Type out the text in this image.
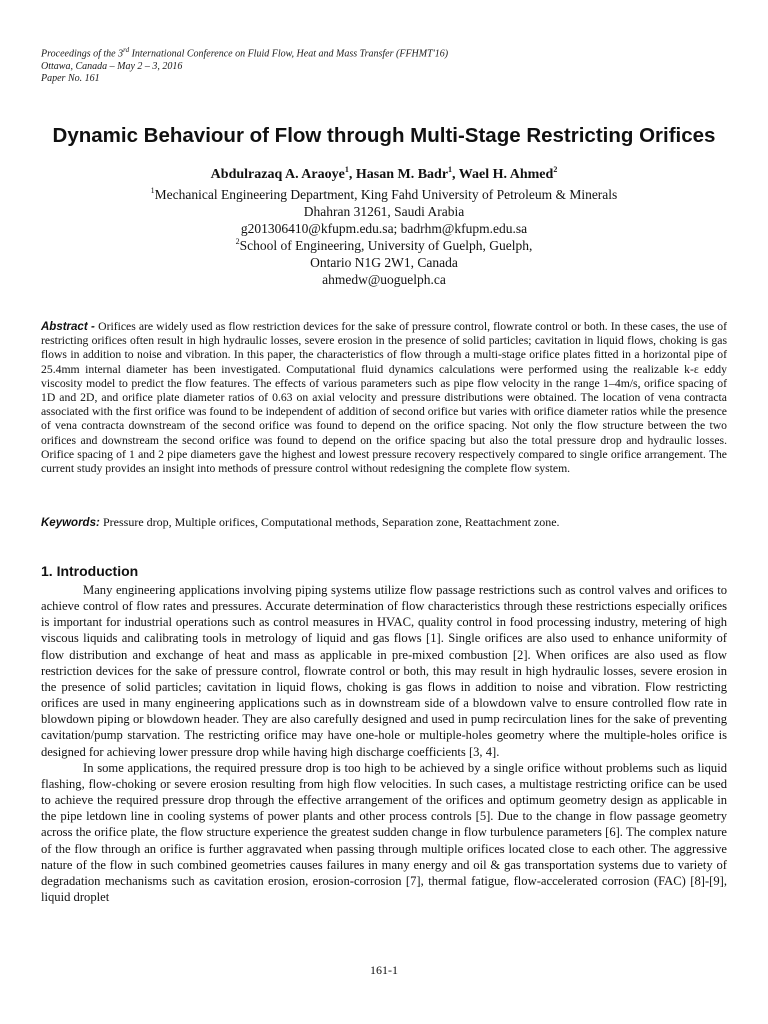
Proceedings of the 3rd International Conference on Fluid Flow, Heat and Mass Transfer (FFHMT'16)
Ottawa, Canada – May 2 – 3, 2016
Paper No. 161
Dynamic Behaviour of Flow through Multi-Stage Restricting Orifices
Abdulrazaq A. Araoye$^1$, Hasan M. Badr$^1$, Wael H. Ahmed$^2$
$^1$Mechanical Engineering Department, King Fahd University of Petroleum & Minerals
Dhahran 31261, Saudi Arabia
g201306410@kfupm.edu.sa; badrhm@kfupm.edu.sa
$^2$School of Engineering, University of Guelph, Guelph,
Ontario N1G 2W1, Canada
ahmedw@uoguelph.ca

Abstract - Orifices are widely used as flow restriction devices for the sake of pressure control, flowrate control or both. In these cases, the use of restricting orifices often result in high hydraulic losses, severe erosion in the presence of solid particles; cavitation in liquid flows, choking is gas flows in addition to noise and vibration. In this paper, the characteristics of flow through a multi-stage orifice plates fitted in a horizontal pipe of 25.4mm internal diameter has been investigated. Computational fluid dynamics calculations were performed using the realizable k-ε eddy viscosity model to predict the flow features. The effects of various parameters such as pipe flow velocity in the range 1–4m/s, orifice spacing of 1D and 2D, and orifice plate diameter ratios of 0.63 on axial velocity and pressure distributions were obtained. The location of vena contracta associated with the first orifice was found to be independent of addition of second orifice but varies with orifice diameter ratios while the presence of vena contracta downstream of the second orifice was found to depend on the orifice spacing. Not only the flow structure between the two orifices and downstream the second orifice was found to depend on the orifice spacing but also the total pressure drop and hydraulic losses. Orifice spacing of 1 and 2 pipe diameters gave the highest and lowest pressure recovery respectively compared to single orifice arrangement. The current study provides an insight into methods of pressure control without redesigning the complete flow system.

Keywords: Pressure drop, Multiple orifices, Computational methods, Separation zone, Reattachment zone.

1. Introduction

Many engineering applications involving piping systems utilize flow passage restrictions such as control valves and orifices to achieve control of flow rates and pressures. Accurate determination of flow characteristics through these restrictions especially orifices is important for industrial operations such as control measures in HVAC, quality control in food processing industry, metering of high viscous liquids and calibrating tools in metrology of liquid and gas flows [1]. Single orifices are also used to enhance uniformity of flow distribution and exchange of heat and mass as applicable in pre-mixed combustion [2]. When orifices are also used as flow restriction devices for the sake of pressure control, flowrate control or both, this may result in high hydraulic losses, severe erosion in the presence of solid particles; cavitation in liquid flows, choking is gas flows in addition to noise and vibration. Flow restricting orifices are used in many engineering applications such as in downstream side of a blowdown valve to ensure controlled flow rate in blowdown piping or blowdown header. They are also carefully designed and used in pump recirculation lines for the sake of preventing cavitation/pump starvation. The restricting orifice may have one-hole or multiple-holes geometry where the multiple-holes orifice is designed for achieving lower pressure drop while having high discharge coefficients [3, 4].

In some applications, the required pressure drop is too high to be achieved by a single orifice without problems such as liquid flashing, flow-choking or severe erosion resulting from high flow velocities. In such cases, a multistage restricting orifice can be used to achieve the required pressure drop through the effective arrangement of the orifices and optimum geometry design as applicable in the pipe letdown line in cooling systems of power plants and other process controls [5]. Due to the change in flow passage geometry across the orifice plate, the flow structure experience the greatest sudden change in flow turbulence parameters [6]. The complex nature of the flow through an orifice is further aggravated when passing through multiple orifices located close to each other. The aggressive nature of the flow in such combined geometries causes failures in many energy and oil & gas transportation systems due to variety of degradation mechanisms such as cavitation erosion, erosion-corrosion [7], thermal fatigue, flow-accelerated corrosion (FAC) [8]-[9], liquid droplet

161-1
